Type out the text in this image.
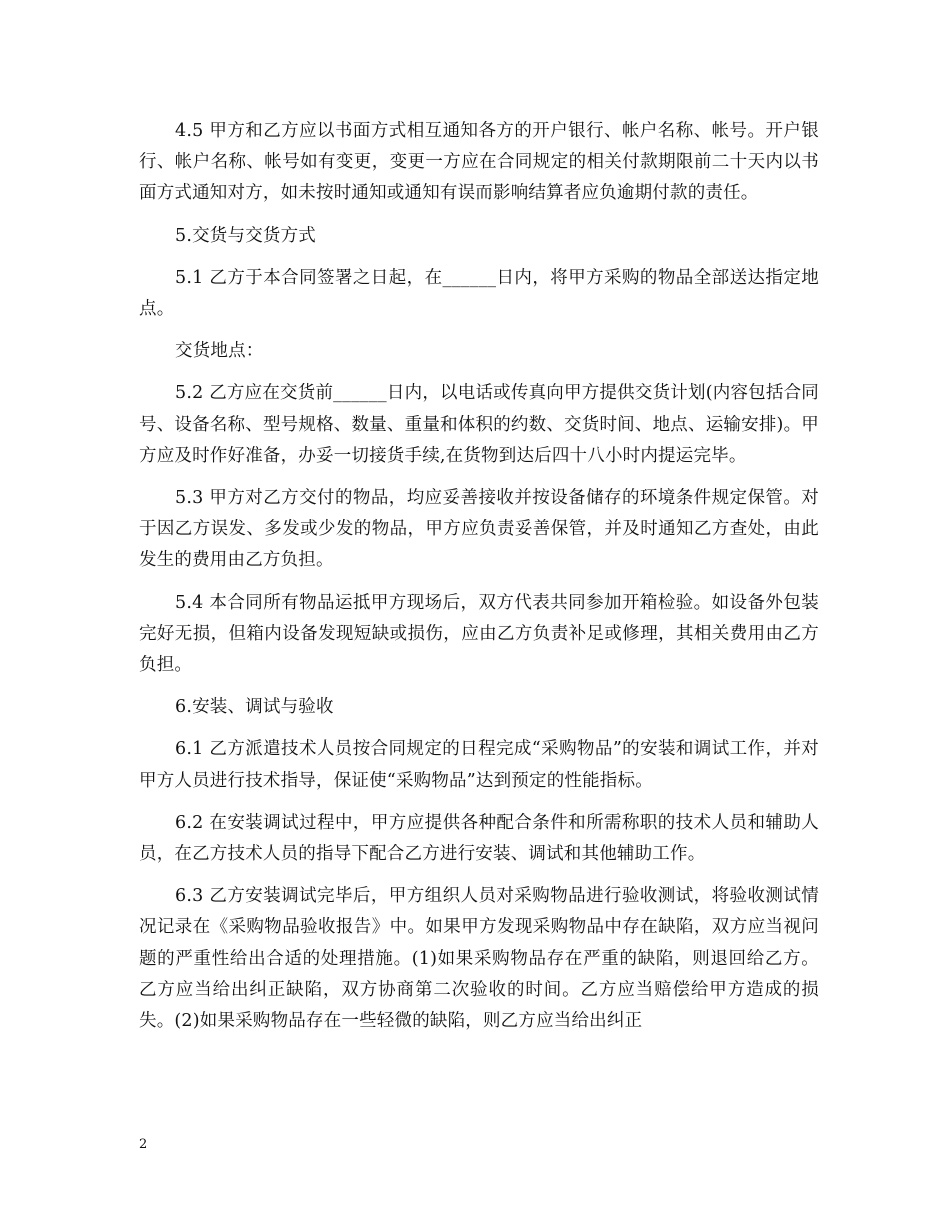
4.5 甲方和乙方应以书面方式相互通知各方的开户银行、帐户名称、帐号。开户银行、帐户名称、帐号如有变更，变更一方应在合同规定的相关付款期限前二十天内以书面方式通知对方，如未按时通知或通知有误而影响结算者应负逾期付款的责任。

5.交货与交货方式

5.1 乙方于本合同签署之日起，在______日内，将甲方采购的物品全部送达指定地点。

交货地点：

5.2 乙方应在交货前______日内，以电话或传真向甲方提供交货计划(内容包括合同号、设备名称、型号规格、数量、重量和体积的约数、交货时间、地点、运输安排)。甲方应及时作好准备，办妥一切接货手续,在货物到达后四十八小时内提运完毕。

5.3 甲方对乙方交付的物品，均应妥善接收并按设备储存的环境条件规定保管。对于因乙方误发、多发或少发的物品，甲方应负责妥善保管，并及时通知乙方查处，由此发生的费用由乙方负担。

5.4 本合同所有物品运抵甲方现场后，双方代表共同参加开箱检验。如设备外包装完好无损，但箱内设备发现短缺或损伤，应由乙方负责补足或修理，其相关费用由乙方负担。

6.安装、调试与验收

6.1 乙方派遣技术人员按合同规定的日程完成“采购物品”的安装和调试工作，并对甲方人员进行技术指导，保证使“采购物品”达到预定的性能指标。

6.2 在安装调试过程中，甲方应提供各种配合条件和所需称职的技术人员和辅助人员，在乙方技术人员的指导下配合乙方进行安装、调试和其他辅助工作。

6.3 乙方安装调试完毕后，甲方组织人员对采购物品进行验收测试，将验收测试情况记录在《采购物品验收报告》中。如果甲方发现采购物品中存在缺陷，双方应当视问题的严重性给出合适的处理措施。(1)如果采购物品存在严重的缺陷，则退回给乙方。乙方应当给出纠正缺陷，双方协商第二次验收的时间。乙方应当赔偿给甲方造成的损失。(2)如果采购物品存在一些轻微的缺陷，则乙方应当给出纠正

2
